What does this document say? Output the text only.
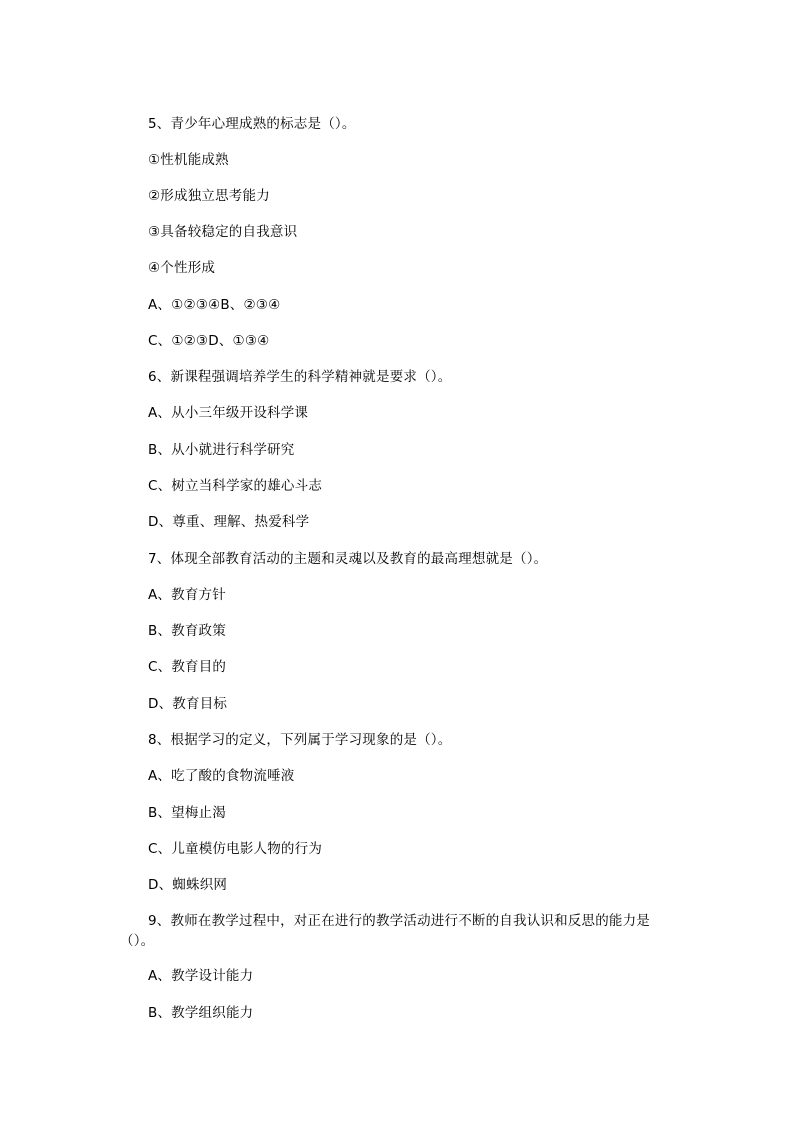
5、青少年心理成熟的标志是（）。
①性机能成熟
②形成独立思考能力
③具备较稳定的自我意识
④个性形成
A、①②③④B、②③④
C、①②③D、①③④
6、新课程强调培养学生的科学精神就是要求（）。
A、从小三年级开设科学课
B、从小就进行科学研究
C、树立当科学家的雄心斗志
D、尊重、理解、热爱科学
7、体现全部教育活动的主题和灵魂以及教育的最高理想就是（）。
A、教育方针
B、教育政策
C、教育目的
D、教育目标
8、根据学习的定义，下列属于学习现象的是（）。
A、吃了酸的食物流唾液
B、望梅止渴
C、儿童模仿电影人物的行为
D、蜘蛛织网
9、教师在教学过程中，对正在进行的教学活动进行不断的自我认识和反思的能力是（）。
A、教学设计能力
B、教学组织能力
